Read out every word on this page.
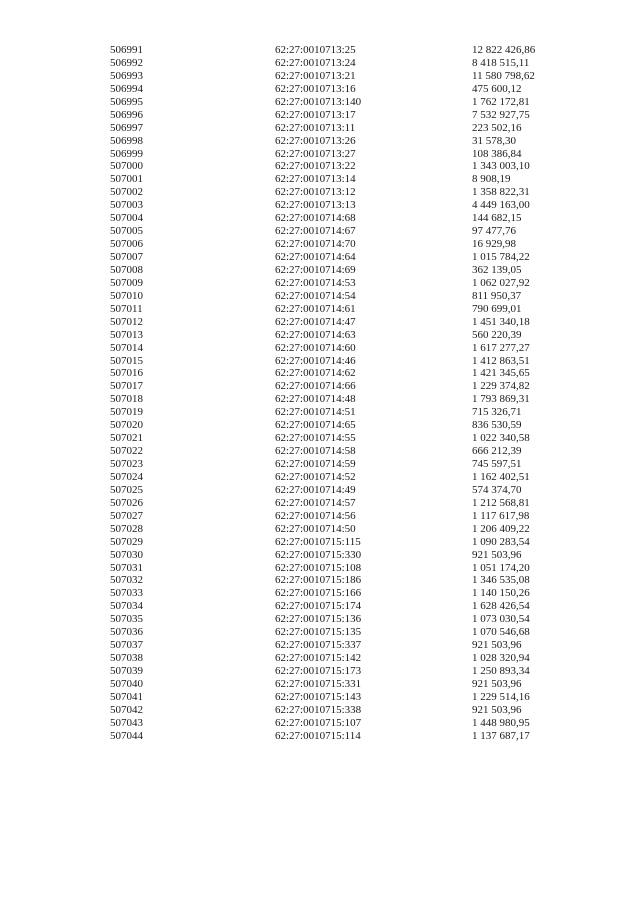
506991	62:27:0010713:25	12 822 426,86
506992	62:27:0010713:24	8 418 515,11
506993	62:27:0010713:21	11 580 798,62
506994	62:27:0010713:16	475 600,12
506995	62:27:0010713:140	1 762 172,81
506996	62:27:0010713:17	7 532 927,75
506997	62:27:0010713:11	223 502,16
506998	62:27:0010713:26	31 578,30
506999	62:27:0010713:27	108 386,84
507000	62:27:0010713:22	1 343 003,10
507001	62:27:0010713:14	8 908,19
507002	62:27:0010713:12	1 358 822,31
507003	62:27:0010713:13	4 449 163,00
507004	62:27:0010714:68	144 682,15
507005	62:27:0010714:67	97 477,76
507006	62:27:0010714:70	16 929,98
507007	62:27:0010714:64	1 015 784,22
507008	62:27:0010714:69	362 139,05
507009	62:27:0010714:53	1 062 027,92
507010	62:27:0010714:54	811 950,37
507011	62:27:0010714:61	790 699,01
507012	62:27:0010714:47	1 451 340,18
507013	62:27:0010714:63	560 220,39
507014	62:27:0010714:60	1 617 277,27
507015	62:27:0010714:46	1 412 863,51
507016	62:27:0010714:62	1 421 345,65
507017	62:27:0010714:66	1 229 374,82
507018	62:27:0010714:48	1 793 869,31
507019	62:27:0010714:51	715 326,71
507020	62:27:0010714:65	836 530,59
507021	62:27:0010714:55	1 022 340,58
507022	62:27:0010714:58	666 212,39
507023	62:27:0010714:59	745 597,51
507024	62:27:0010714:52	1 162 402,51
507025	62:27:0010714:49	574 374,70
507026	62:27:0010714:57	1 212 568,81
507027	62:27:0010714:56	1 117 617,98
507028	62:27:0010714:50	1 206 409,22
507029	62:27:0010715:115	1 090 283,54
507030	62:27:0010715:330	921 503,96
507031	62:27:0010715:108	1 051 174,20
507032	62:27:0010715:186	1 346 535,08
507033	62:27:0010715:166	1 140 150,26
507034	62:27:0010715:174	1 628 426,54
507035	62:27:0010715:136	1 073 030,54
507036	62:27:0010715:135	1 070 546,68
507037	62:27:0010715:337	921 503,96
507038	62:27:0010715:142	1 028 320,94
507039	62:27:0010715:173	1 250 893,34
507040	62:27:0010715:331	921 503,96
507041	62:27:0010715:143	1 229 514,16
507042	62:27:0010715:338	921 503,96
507043	62:27:0010715:107	1 448 980,95
507044	62:27:0010715:114	1 137 687,17
